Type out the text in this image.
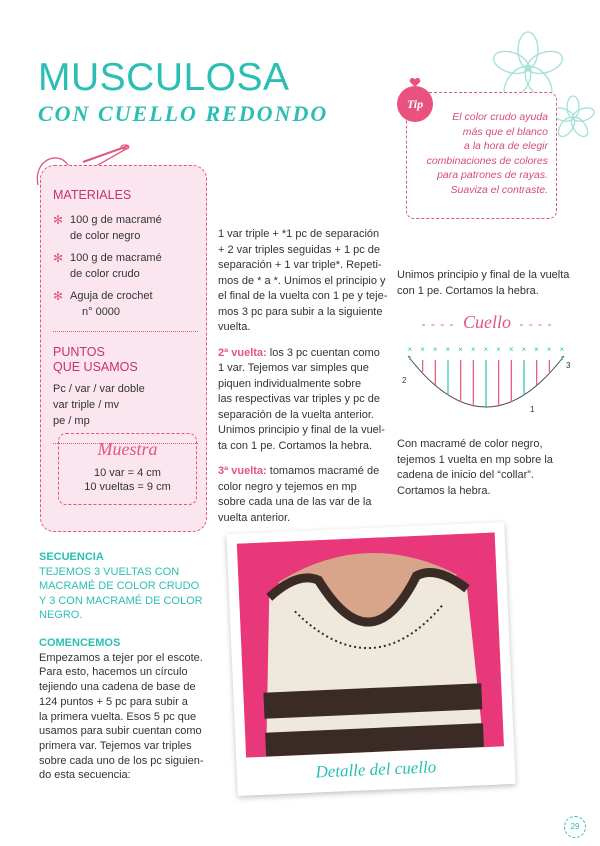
MUSCULOSA
CON CUELLO REDONDO	Tip
El color crudo ayuda
más que el blanco
a la hora de elegir
combinaciones de colores
para patrones de rayas.
Suaviza el contraste.
MATERIALES
✻ 100 g de macramé
de color negro
✻ 100 g de macramé
de color crudo
✻ Aguja de crochet
n° 0000
PUNTOS
QUE USAMOS
Pc / var / var doble
var triple / mv
pe / mp
Muestra
10 var = 4 cm
10 vueltas = 9 cm
SECUENCIA
TEJEMOS 3 VUELTAS CON
MACRAMÉ DE COLOR CRUDO
Y 3 CON MACRAMÉ DE COLOR
NEGRO.
COMENCEMOS
Empezamos a tejer por el escote.
Para esto, hacemos un círculo
tejiendo una cadena de base de
124 puntos + 5 pc para subir a
la primera vuelta. Esos 5 pc que
usamos para subir cuentan como
primera var. Tejemos var triples
sobre cada uno de los pc siguien-
do esta secuencia:
1 var triple + *1 pc de separación
+ 2 var triples seguidas + 1 pc de
separación + 1 var triple*. Repeti-
mos de * a *. Unimos el principio y
el final de la vuelta con 1 pe y teje-
mos 3 pc para subir a la siguiente
vuelta.
2ª vuelta: los 3 pc cuentan como
1 var. Tejemos var simples que
piquen individualmente sobre
las respectivas var triples y pc de
separación de la vuelta anterior.
Unimos principio y final de la vuel-
ta con 1 pe. Cortamos la hebra.
3ª vuelta: tomamos macramé de
color negro y tejemos en mp
sobre cada una de las var de la
vuelta anterior.
Unimos principio y final de la vuelta
con 1 pe. Cortamos la hebra.
- - - - Cuello - - - -
× × × × × × × × × × × × ×
2
3
1
Con macramé de color negro,
tejemos 1 vuelta en mp sobre la
cadena de inicio del “collar”.
Cortamos la hebra.
Detalle del cuello
29
